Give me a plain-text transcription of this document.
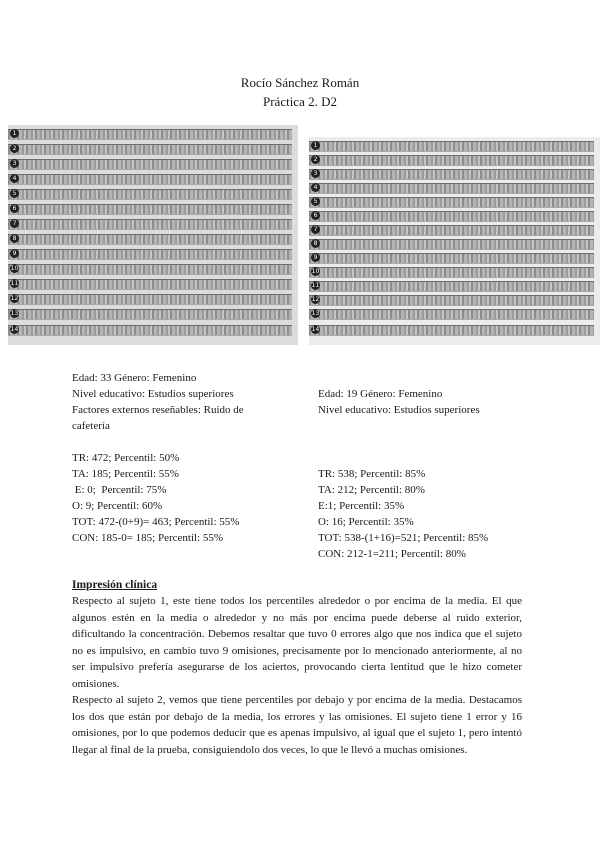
Rocío Sánchez Román
Práctica 2. D2
1
2
3
4
5
6
7
8
9
10
11
12
13
14
1
2
3
4
5
6
7
8
9
10
11
12
13
14
Edad: 33 Género: Femenino
Nivel educativo: Estudios superiores
Factores externos reseñables: Ruido de
cafetería
TR: 472; Percentil: 50%
TA: 185; Percentil: 55%
E: 0;  Percentil: 75%
O: 9; Percentil: 60%
TOT: 472-(0+9)= 463; Percentil: 55%
CON: 185-0= 185; Percentil: 55%
Edad: 19 Género: Femenino
Nivel educativo: Estudios superiores
TR: 538; Percentil: 85%
TA: 212; Percentil: 80%
E:1; Percentil: 35%
O: 16; Percentil: 35%
TOT: 538-(1+16)=521; Percentil: 85%
CON: 212-1=211; Percentil: 80%
Impresión clínica

Respecto al sujeto 1, este tiene todos los percentiles alrededor o por encima de la media. El que algunos estén en la media o alrededor y no más por encima puede deberse al ruido exterior, dificultando la concentración. Debemos resaltar que tuvo 0 errores algo que nos indica que el sujeto no es impulsivo, en cambio tuvo 9 omisiones, precisamente por lo mencionado anteriormente, al no ser impulsivo prefería asegurarse de los aciertos, provocando cierta lentitud que le hizo cometer omisiones.

Respecto al sujeto 2, vemos que tiene percentiles por debajo y por encima de la media. Destacamos los dos que están por debajo de la media, los errores y las omisiones. El sujeto tiene 1 error y 16 omisiones, por lo que podemos deducir que es apenas impulsivo, al igual que el sujeto 1, pero intentó llegar al final de la prueba, consiguiendolo dos veces, lo que le llevó a muchas omisiones.
